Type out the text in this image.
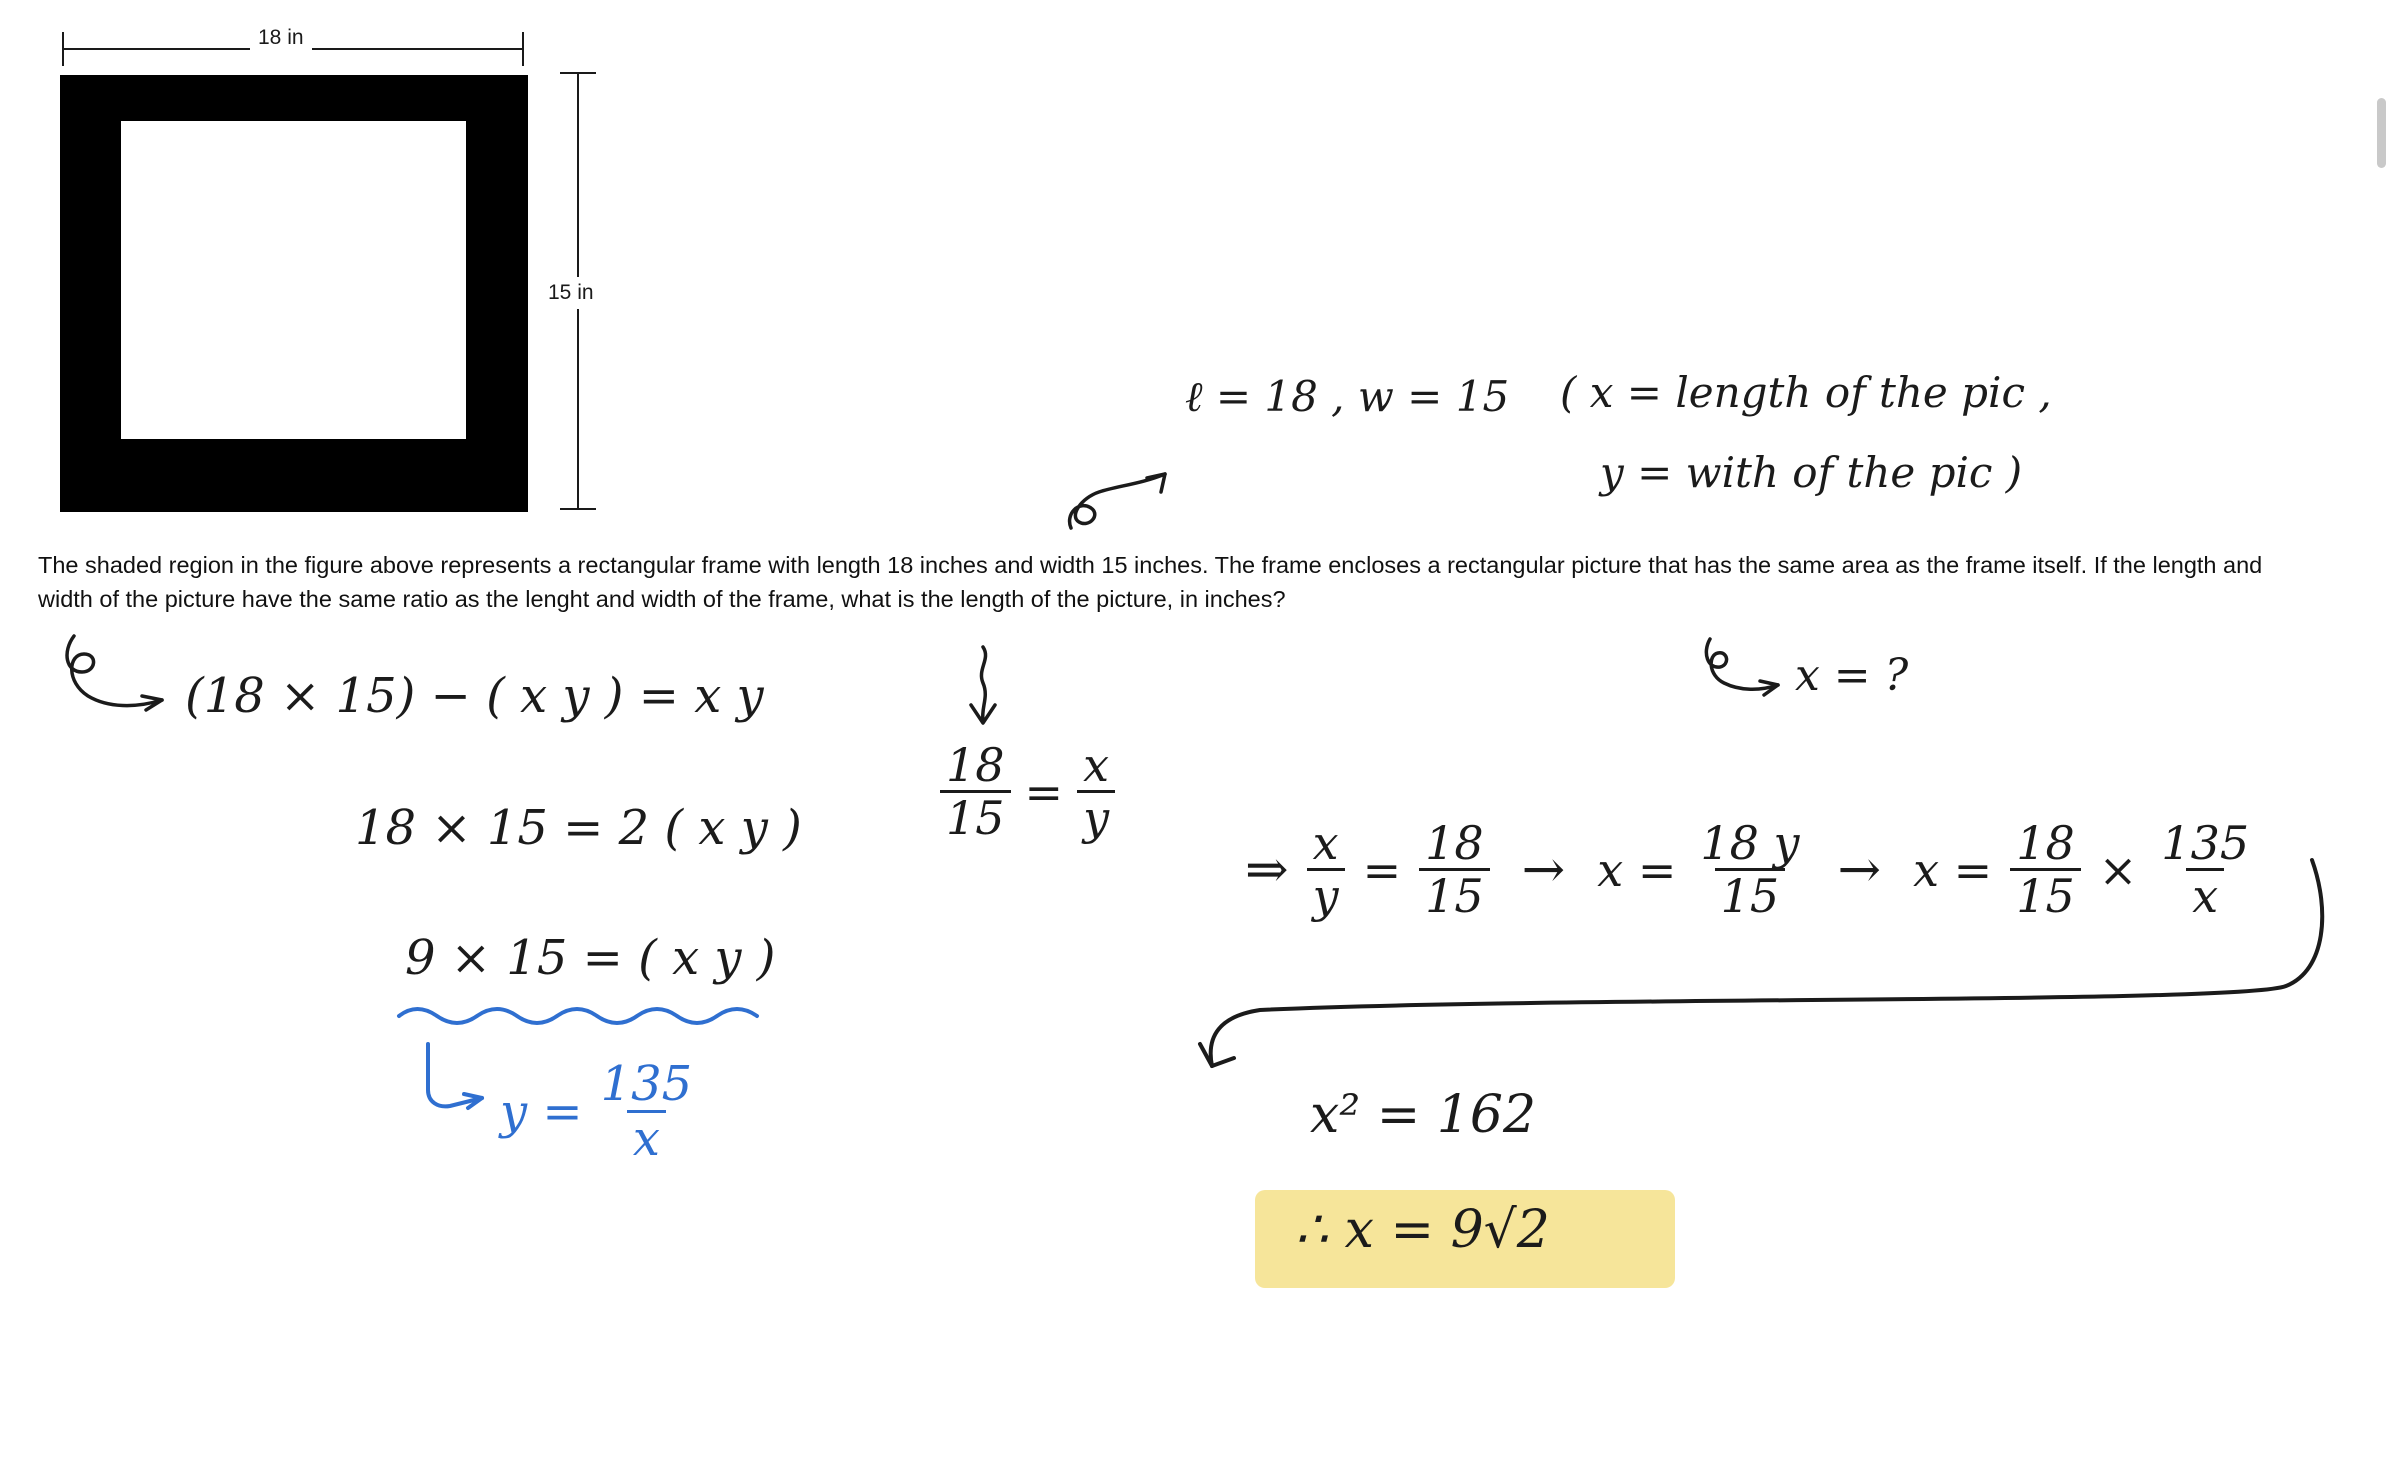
18 in
15 in
The shaded region in the figure above represents a rectangular frame with length 18 inches and width 15 inches. The frame encloses a rectangular picture that has the same area as the frame itself. If the length and width of the picture have the same ratio as the lenght and width of the frame, what is the length of the picture, in inches?
ℓ = 18 , w = 15 ( x = length of the pic ,
y = with of the pic )
x = ?
(18 × 15) − ( x y ) = x y
18 × 15 = 2 ( x y )
9 × 15 = ( x y )
$y = \frac{135}{x}$
$\frac{18}{15} = \frac{x}{y}$
⇒ $\frac{x}{y} = \frac{18}{15} \to x = \frac{18 y}{15} \to x = \frac{18}{15} \times \frac{135}{x}$
x² = 162
∴ x = 9√2
